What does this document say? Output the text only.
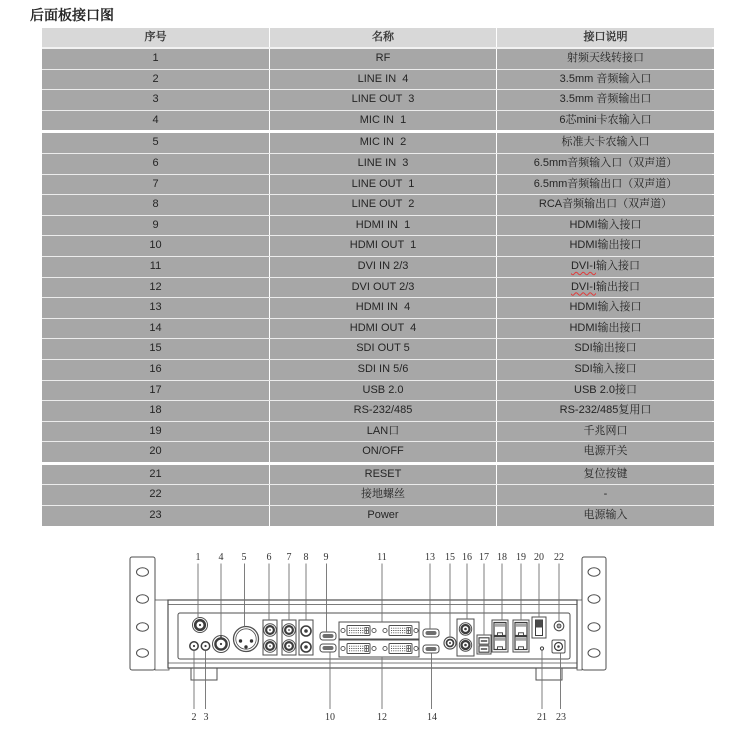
后面板接口图
序号	名称	接口说明
1	RF	射频天线转接口
2	LINE IN  4	3.5mm 音频输入口
3	LINE OUT  3	3.5mm 音频输出口
4	MIC IN  1	6芯mini卡农输入口
5	MIC IN  2	标准大卡农输入口
6	LINE IN  3	6.5mm音频输入口（双声道）
7	LINE OUT  1	6.5mm音频输出口（双声道）
8	LINE OUT  2	RCA音频输出口（双声道）
9	HDMI IN  1	HDMI输入接口
10	HDMI OUT  1	HDMI输出接口
11	DVI IN 2/3	DVI-I输入接口
12	DVI OUT 2/3	DVI-I输出接口
13	HDMI IN  4	HDMI输入接口
14	HDMI OUT  4	HDMI输出接口
15	SDI OUT 5	SDI输出接口
16	SDI IN 5/6	SDI输入接口
17	USB 2.0	USB 2.0接口
18	RS-232/485	RS-232/485复用口
19	LAN口	千兆网口
20	ON/OFF	电源开关
21	RESET	复位按键
22	接地螺丝	-
23	Power	电源输入
1 4 5 6 7 8 9	11	13 15 16 17 18 19 20 22
2 3	10	12	14	21 23
